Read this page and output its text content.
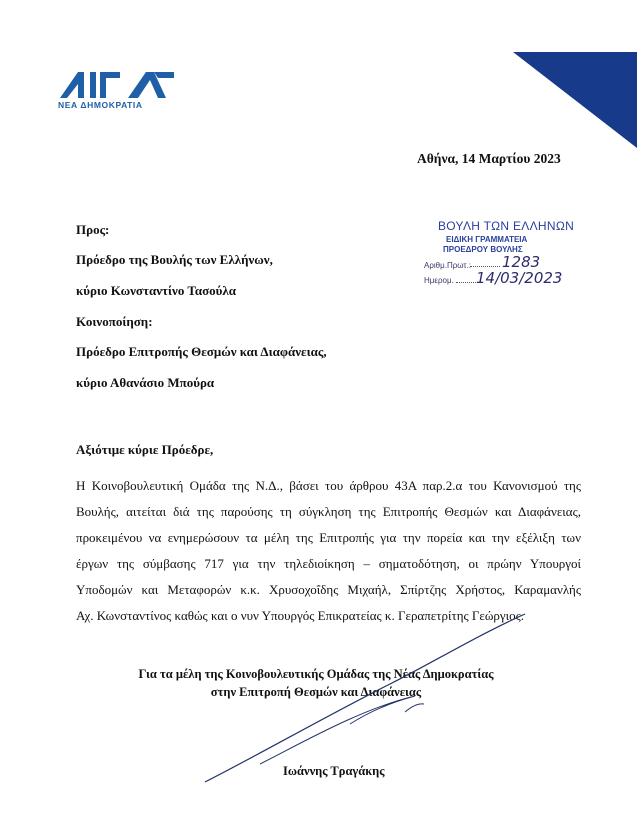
ΝΕΑ ΔΗΜΟΚΡΑΤΙΑ
Αθήνα, 14 Μαρτίου 2023
Προς:
Πρόεδρο της Βουλής των Ελλήνων,
κύριο Κωνσταντίνο Τασούλα
Κοινοποίηση:
Πρόεδρο Επιτροπής Θεσμών και Διαφάνειας,
κύριο Αθανάσιο Μπούρα
ΒΟΥΛΗ ΤΩΝ ΕΛΛΗΝΩΝ
ΕΙΔΙΚΗ ΓΡΑΜΜΑΤΕΙΑ
ΠΡΟΕΔΡΟΥ ΒΟΥΛΗΣ
Αριθμ.Πρωτ.: 1283
Ημερομ. 14/03/2023
Αξιότιμε κύριε Πρόεδρε,
Η Κοινοβουλευτική Ομάδα της Ν.Δ., βάσει του άρθρου 43Α παρ.2.α του Κανονισμού της
Βουλής, αιτείται διά της παρούσης τη σύγκληση της Επιτροπής Θεσμών και Διαφάνειας,
προκειμένου να ενημερώσουν τα μέλη της Επιτροπής για την πορεία και την εξέλιξη των
έργων της σύμβασης 717 για την τηλεδιοίκηση – σηματοδότηση, οι πρώην Υπουργοί
Υποδομών και Μεταφορών κ.κ. Χρυσοχοΐδης Μιχαήλ, Σπίρτζης Χρήστος, Καραμανλής
Αχ. Κωνσταντίνος καθώς και ο νυν Υπουργός Επικρατείας κ. Γεραπετρίτης Γεώργιος.
Για τα μέλη της Κοινοβουλευτικής Ομάδας της Νέας Δημοκρατίας
στην Επιτροπή Θεσμών και Διαφάνειας
Ιωάννης Τραγάκης
